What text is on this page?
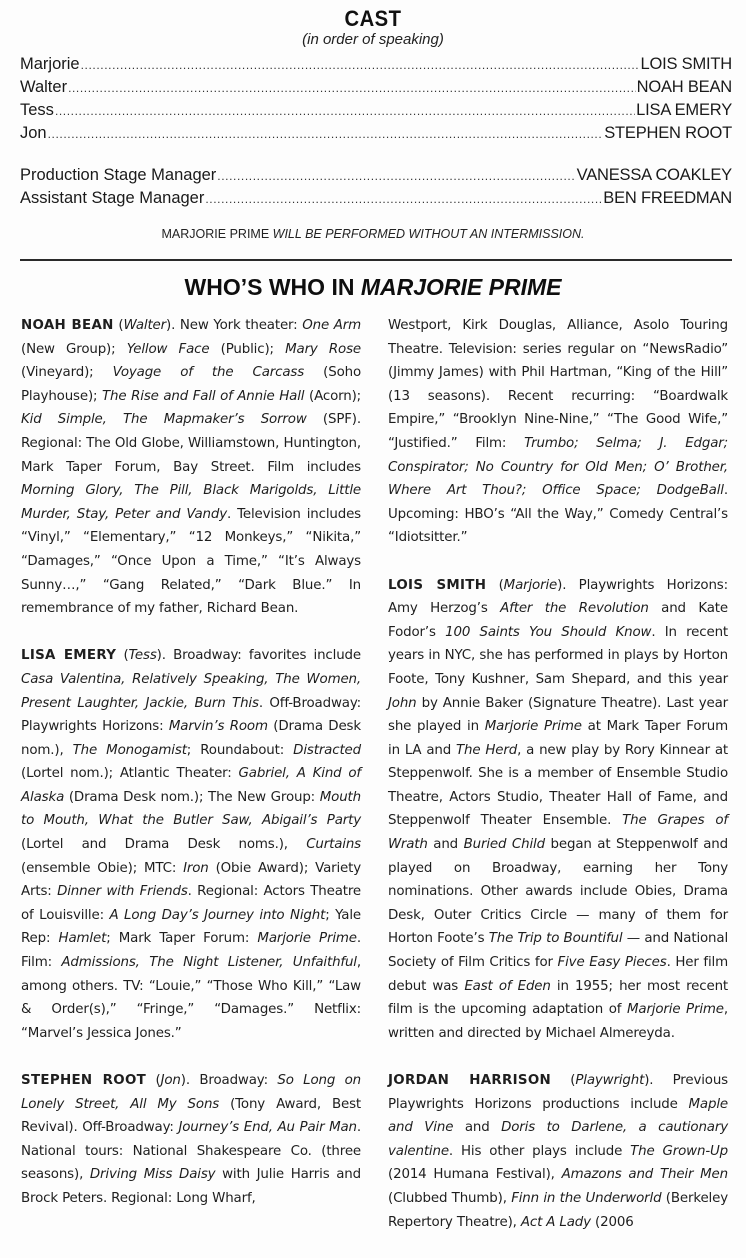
CAST
(in order of speaking)
Marjorie .....	LOIS SMITH
Walter .....	NOAH BEAN
Tess .....	LISA EMERY
Jon .....	STEPHEN ROOT
Production Stage Manager .....	VANESSA COAKLEY
Assistant Stage Manager .....	BEN FREEDMAN
MARJORIE PRIME WILL BE PERFORMED WITHOUT AN INTERMISSION.
WHO’S WHO IN MARJORIE PRIME

NOAH BEAN (Walter). New York theater: One Arm (New Group); Yellow Face (Public); Mary Rose (Vineyard); Voyage of the Carcass (Soho Playhouse); The Rise and Fall of Annie Hall (Acorn); Kid Simple, The Mapmaker’s Sorrow (SPF). Regional: The Old Globe, Williamstown, Huntington, Mark Taper Forum, Bay Street. Film includes Morning Glory, The Pill, Black Marigolds, Little Murder, Stay, Peter and Vandy. Television includes “Vinyl,” “Elementary,” “12 Monkeys,” “Nikita,” “Damages,” “Once Upon a Time,” “It’s Always Sunny…,” “Gang Related,” “Dark Blue.” In remembrance of my father, Richard Bean.

LISA EMERY (Tess). Broadway: favorites include Casa Valentina, Relatively Speaking, The Women, Present Laughter, Jackie, Burn This. Off-Broadway: Playwrights Horizons: Marvin’s Room (Drama Desk nom.), The Monogamist; Roundabout: Distracted (Lortel nom.); Atlantic Theater: Gabriel, A Kind of Alaska (Drama Desk nom.); The New Group: Mouth to Mouth, What the Butler Saw, Abigail’s Party (Lortel and Drama Desk noms.), Curtains (ensemble Obie); MTC: Iron (Obie Award); Variety Arts: Dinner with Friends. Regional: Actors Theatre of Louisville: A Long Day’s Journey into Night; Yale Rep: Hamlet; Mark Taper Forum: Marjorie Prime. Film: Admissions, The Night Listener, Unfaithful, among others. TV: “Louie,” “Those Who Kill,” “Law & Order(s),” “Fringe,” “Damages.” Netflix: “Marvel’s Jessica Jones.”

STEPHEN ROOT (Jon). Broadway: So Long on Lonely Street, All My Sons (Tony Award, Best Revival). Off-Broadway: Journey’s End, Au Pair Man. National tours: National Shakespeare Co. (three seasons), Driving Miss Daisy with Julie Harris and Brock Peters. Regional: Long Wharf,

Westport, Kirk Douglas, Alliance, Asolo Touring Theatre. Television: series regular on “NewsRadio” (Jimmy James) with Phil Hartman, “King of the Hill” (13 seasons). Recent recurring: “Boardwalk Empire,” “Brooklyn Nine-Nine,” “The Good Wife,” “Justified.” Film: Trumbo; Selma; J. Edgar; Conspirator; No Country for Old Men; O’ Brother, Where Art Thou?; Office Space; DodgeBall. Upcoming: HBO’s “All the Way,” Comedy Central’s “Idiotsitter.”

LOIS SMITH (Marjorie). Playwrights Horizons: Amy Herzog’s After the Revolution and Kate Fodor’s 100 Saints You Should Know. In recent years in NYC, she has performed in plays by Horton Foote, Tony Kushner, Sam Shepard, and this year John by Annie Baker (Signature Theatre). Last year she played in Marjorie Prime at Mark Taper Forum in LA and The Herd, a new play by Rory Kinnear at Steppenwolf. She is a member of Ensemble Studio Theatre, Actors Studio, Theater Hall of Fame, and Steppenwolf Theater Ensemble. The Grapes of Wrath and Buried Child began at Steppenwolf and played on Broadway, earning her Tony nominations. Other awards include Obies, Drama Desk, Outer Critics Circle — many of them for Horton Foote’s The Trip to Bountiful — and National Society of Film Critics for Five Easy Pieces. Her film debut was East of Eden in 1955; her most recent film is the upcoming adaptation of Marjorie Prime, written and directed by Michael Almereyda.

JORDAN HARRISON (Playwright). Previous Playwrights Horizons productions include Maple and Vine and Doris to Darlene, a cautionary valentine. His other plays include The Grown-Up (2014 Humana Festival), Amazons and Their Men (Clubbed Thumb), Finn in the Underworld (Berkeley Repertory Theatre), Act A Lady (2006
